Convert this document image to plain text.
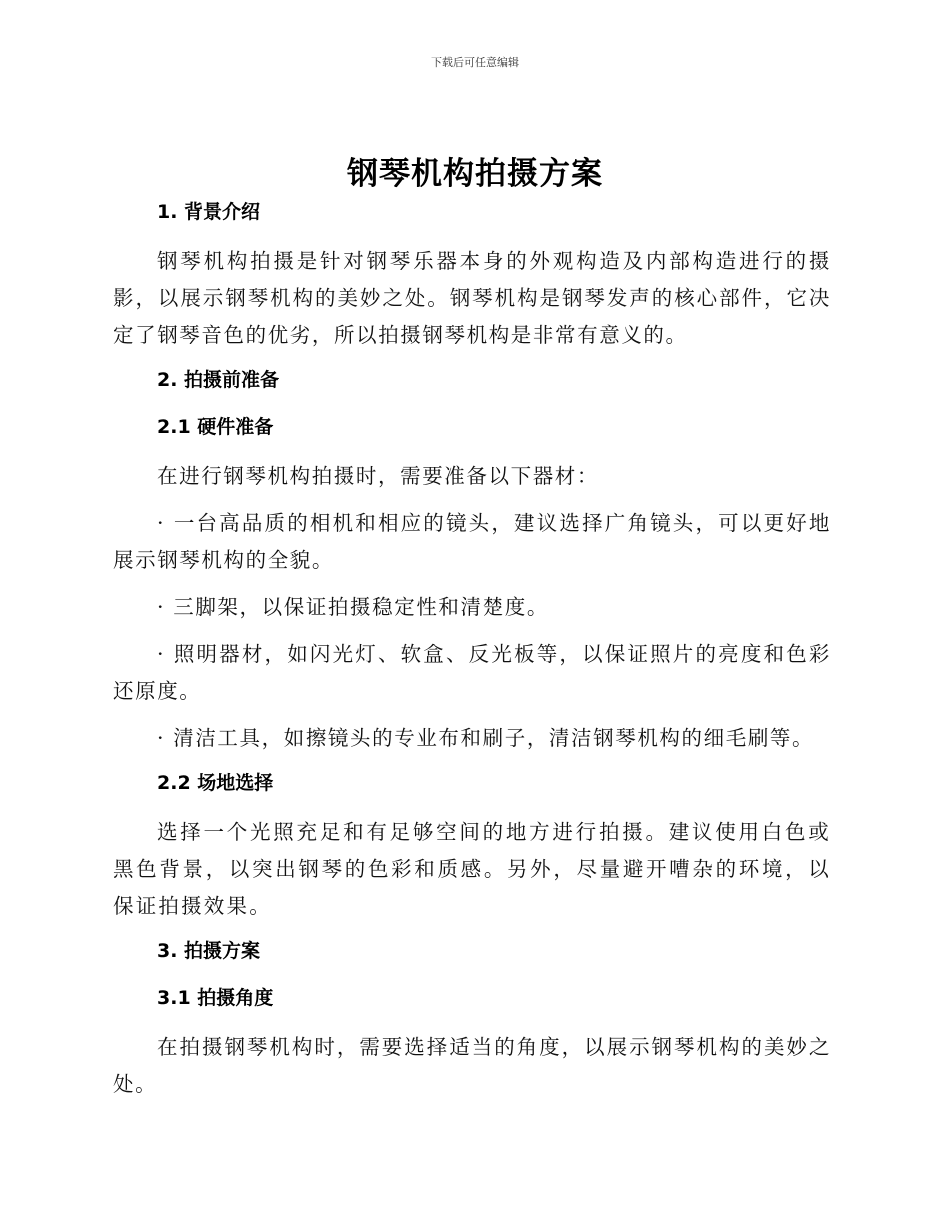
下载后可任意编辑
钢琴机构拍摄方案
1. 背景介绍

钢琴机构拍摄是针对钢琴乐器本身的外观构造及内部构造进行的摄影，以展示钢琴机构的美妙之处。钢琴机构是钢琴发声的核心部件，它决定了钢琴音色的优劣，所以拍摄钢琴机构是非常有意义的。

2. 拍摄前准备
2.1 硬件准备

在进行钢琴机构拍摄时，需要准备以下器材：

· 一台高品质的相机和相应的镜头，建议选择广角镜头，可以更好地展示钢琴机构的全貌。

· 三脚架，以保证拍摄稳定性和清楚度。

· 照明器材，如闪光灯、软盒、反光板等，以保证照片的亮度和色彩还原度。

· 清洁工具，如擦镜头的专业布和刷子，清洁钢琴机构的细毛刷等。

2.2 场地选择

选择一个光照充足和有足够空间的地方进行拍摄。建议使用白色或黑色背景，以突出钢琴的色彩和质感。另外，尽量避开嘈杂的环境，以保证拍摄效果。

3. 拍摄方案
3.1 拍摄角度

在拍摄钢琴机构时，需要选择适当的角度，以展示钢琴机构的美妙之处。
